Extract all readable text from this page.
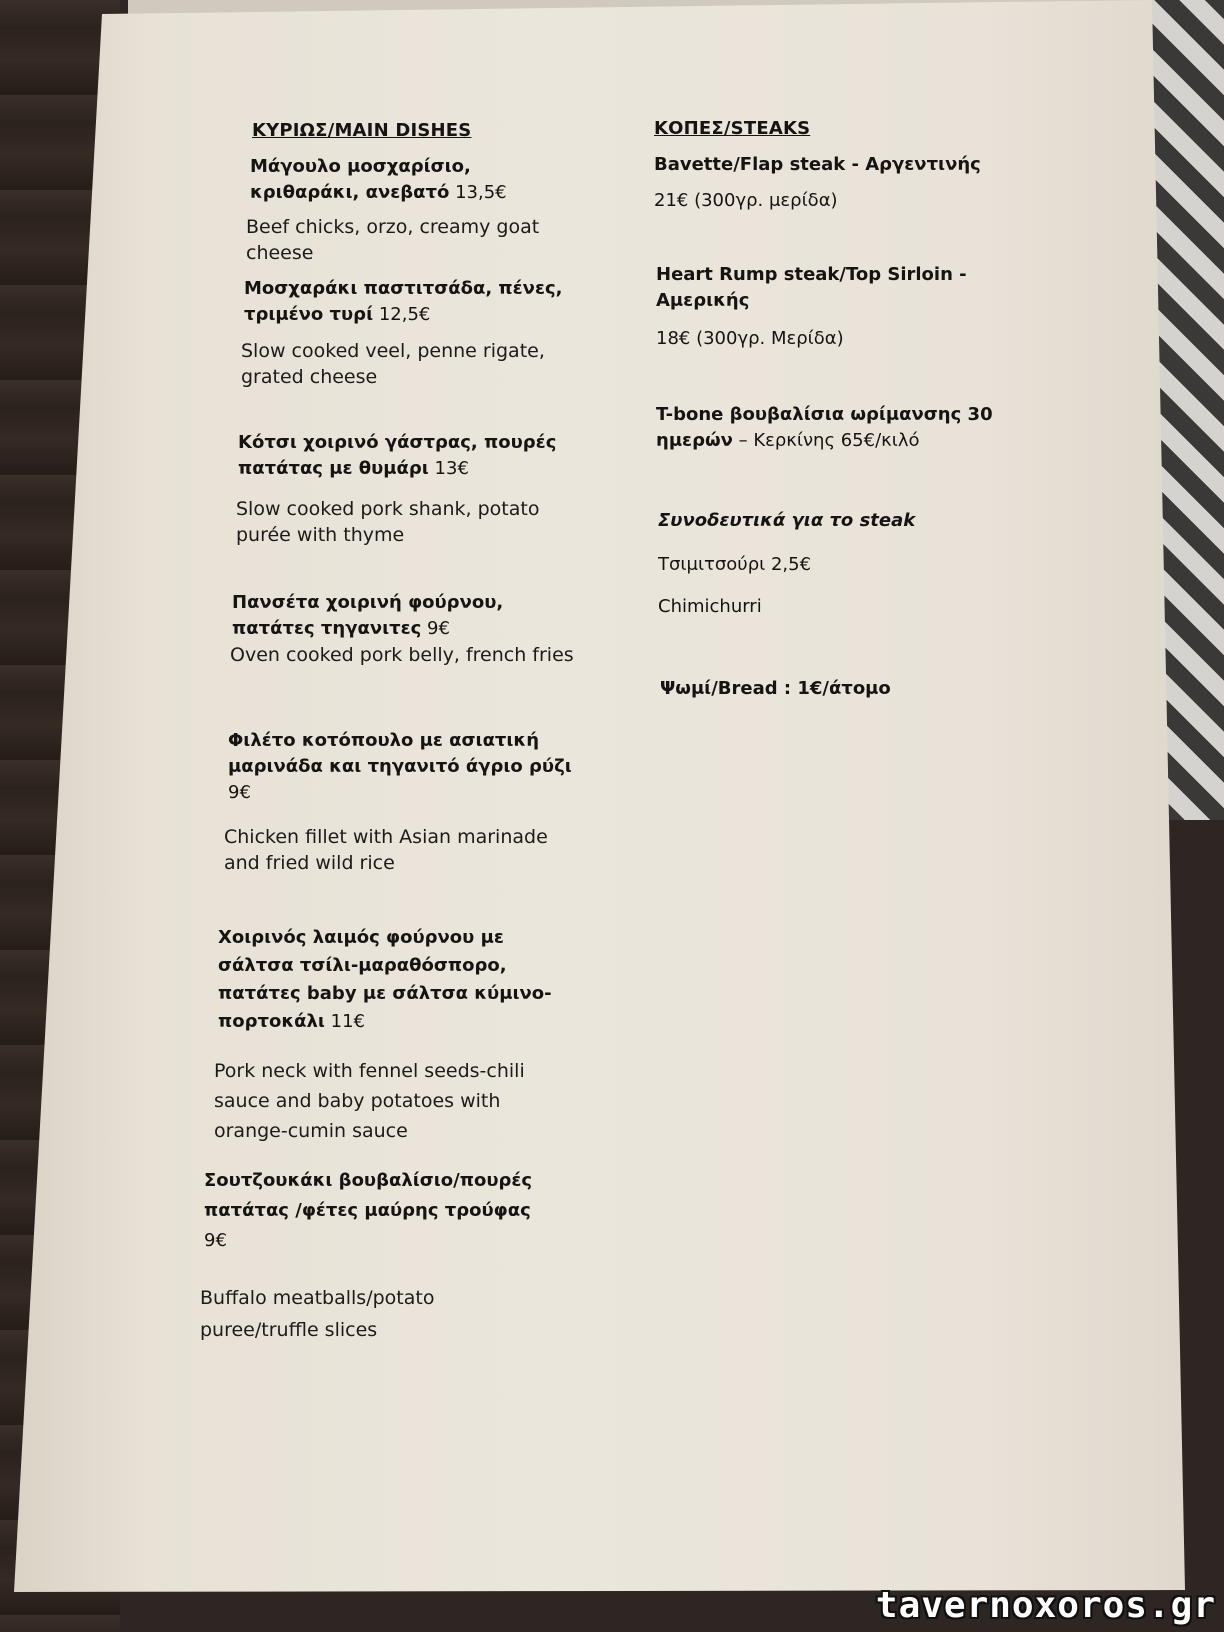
ΚΥΡΙΩΣ/MAIN DISHES
Μάγουλο μοσχαρίσιο, κριθαράκι, ανεβατό 13,5€
Beef chicks, orzo, creamy goat cheese
Μοσχαράκι παστιτσάδα, πένες, τριμένο τυρί 12,5€
Slow cooked veel, penne rigate, grated cheese
Κότσι χοιρινό γάστρας, πουρές πατάτας με θυμάρι 13€
Slow cooked pork shank, potato purée with thyme
Πανσέτα χοιρινή φούρνου, πατάτες τηγανιτες 9€
Oven cooked pork belly, french fries
Φιλέτο κοτόπουλο με ασιατική μαρινάδα και τηγανιτό άγριο ρύζι
9€
Chicken fillet with Asian marinade and fried wild rice
Χοιρινός λαιμός φούρνου με σάλτσα τσίλι-μαραθόσπορο, πατάτες baby με σάλτσα κύμινο-πορτοκάλι 11€
Pork neck with fennel seeds-chili sauce and baby potatoes with orange-cumin sauce
Σουτζουκάκι βουβαλίσιο/πουρές πατάτας /φέτες μαύρης τρούφας
9€
Buffalo meatballs/potato puree/truffle slices
ΚΟΠΕΣ/STEAKS
Bavette/Flap steak - Αργεντινής
21€ (300γρ. μερίδα)
Heart Rump steak/Top Sirloin - Αμερικής
18€ (300γρ. Μερίδα)
T-bone βουβαλίσια ωρίμανσης 30 ημερών – Κερκίνης 65€/κιλό
Συνοδευτικά για το steak
Τσιμιτσούρι 2,5€
Chimichurri
Ψωμί/Bread : 1€/άτομο
tavernoxoros.gr
